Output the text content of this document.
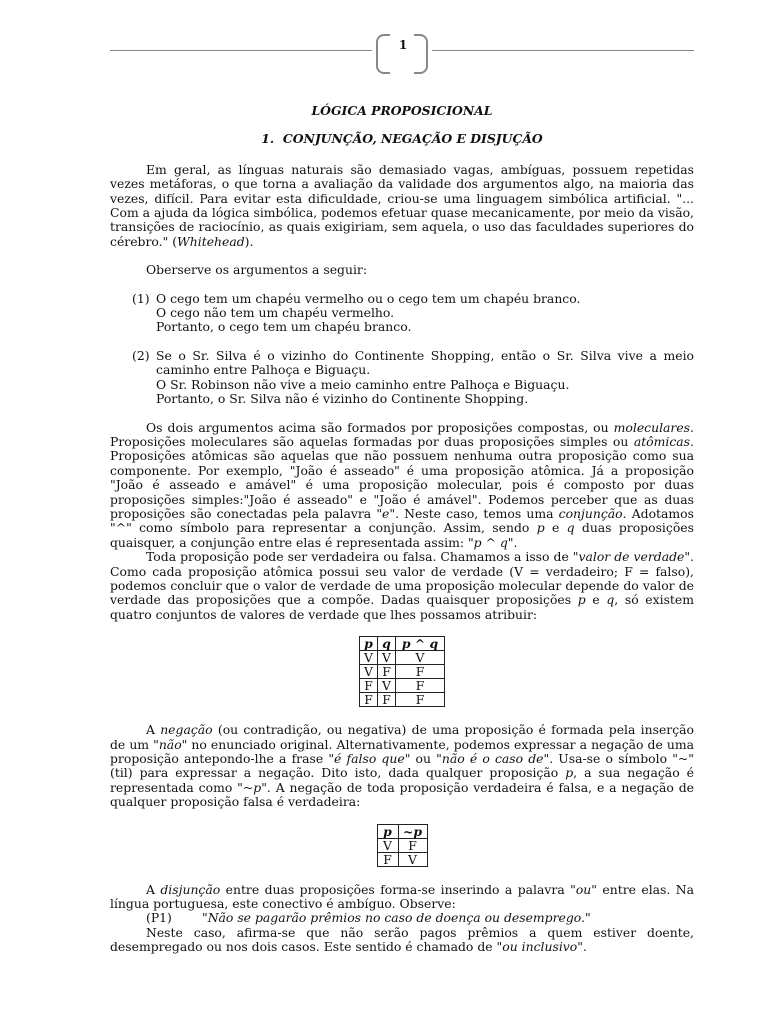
1

LÓGICA PROPOSICIONAL

1. CONJUNÇÃO, NEGAÇÃO E DISJUÇÃO

Em geral, as línguas naturais são demasiado vagas, ambíguas, possuem repetidas vezes metáforas, o que torna a avaliação da validade dos argumentos algo, na maioria das vezes, difícil. Para evitar esta dificuldade, criou-se uma linguagem simbólica artificial. "... Com a ajuda da lógica simbólica, podemos efetuar quase mecanicamente, por meio da visão, transições de raciocínio, as quais exigiriam, sem aquela, o uso das faculdades superiores do cérebro." (Whitehead).

Oberserve os argumentos a seguir:

(1) O cego tem um chapéu vermelho ou o cego tem um chapéu branco.
O cego não tem um chapéu vermelho.
Portanto, o cego tem um chapéu branco.
(2) Se o Sr. Silva é o vizinho do Continente Shopping, então o Sr. Silva vive a meio caminho entre Palhoça e Biguaçu.
O Sr. Robinson não vive a meio caminho entre Palhoça e Biguaçu.
Portanto, o Sr. Silva não é vizinho do Continente Shopping.

Os dois argumentos acima são formados por proposições compostas, ou moleculares. Proposições moleculares são aquelas formadas por duas proposições simples ou atômicas. Proposições atômicas são aquelas que não possuem nenhuma outra proposição como sua componente. Por exemplo, "João é asseado" é uma proposição atômica. Já a proposição "João é asseado e amável" é uma proposição molecular, pois é composto por duas proposições simples:"João é asseado" e "João é amável". Podemos perceber que as duas proposições são conectadas pela palavra "e". Neste caso, temos uma conjunção. Adotamos "^" como símbolo para representar a conjunção. Assim, sendo p e q duas proposições quaisquer, a conjunção entre elas é representada assim: "p ^ q".

Toda proposição pode ser verdadeira ou falsa. Chamamos a isso de "valor de verdade". Como cada proposição atômica possui seu valor de verdade (V = verdadeiro; F = falso), podemos concluir que o valor de verdade de uma proposição molecular depende do valor de verdade das proposições que a compõe. Dadas quaisquer proposições p e q, só existem quatro conjuntos de valores de verdade que lhes possamos atribuir:

p	q	p ^ q
V	V	V
V	F	F
F	V	F
F	F	F

A negação (ou contradição, ou negativa) de uma proposição é formada pela inserção de um "não" no enunciado original. Alternativamente, podemos expressar a negação de uma proposição antepondo-lhe a frase "é falso que" ou "não é o caso de". Usa-se o símbolo "~" (til) para expressar a negação. Dito isto, dada qualquer proposição p, a sua negação é representada como "~p". A negação de toda proposição verdadeira é falsa, e a negação de qualquer proposição falsa é verdadeira:

p	~p
V	F
F	V

A disjunção entre duas proposições forma-se inserindo a palavra "ou" entre elas. Na língua portuguesa, este conectivo é ambíguo. Observe:

(P1) "Não se pagarão prêmios no caso de doença ou desemprego."

Neste caso, afirma-se que não serão pagos prêmios a quem estiver doente, desempregado ou nos dois casos. Este sentido é chamado de "ou inclusivo".
